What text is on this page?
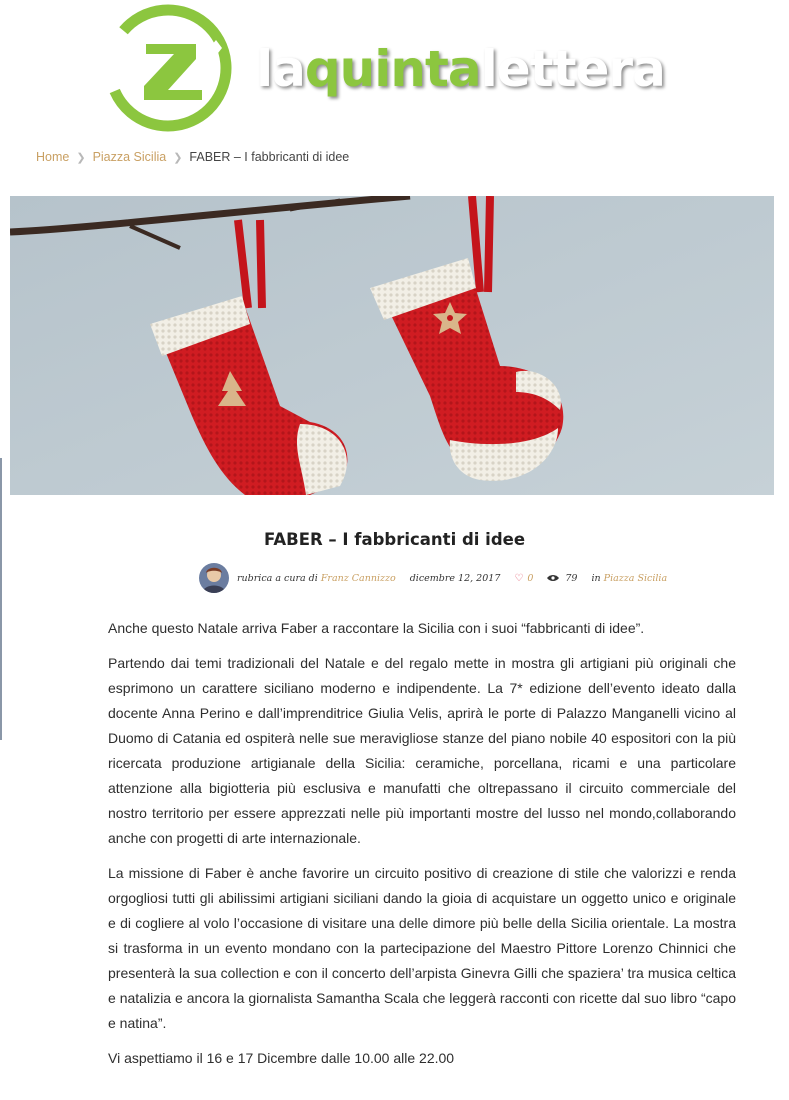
laquintalettera
Home ❯ Piazza Sicilia ❯ FABER – I fabbricanti di idee
FABER – I fabbricanti di idee
rubrica a cura di
Franz Cannizzo dicembre 12, 2017 ♡ 0	79 in
Piazza Sicilia

Anche questo Natale arriva Faber a raccontare la Sicilia con i suoi “fabbricanti di idee”.

Partendo dai temi tradizionali del Natale e del regalo mette in mostra gli artigiani più originali che esprimono un carattere siciliano moderno e indipendente. La 7* edizione dell’evento ideato dalla docente Anna Perino e dall’imprenditrice Giulia Velis, aprirà le porte di Palazzo Manganelli vicino al Duomo di Catania ed ospiterà nelle sue meravigliose stanze del piano nobile 40 espositori con la più ricercata produzione artigianale della Sicilia: ceramiche, porcellana, ricami e una particolare attenzione alla bigiotteria più esclusiva e manufatti che oltrepassano il circuito commerciale del nostro territorio per essere apprezzati nelle più importanti mostre del lusso nel mondo,collaborando anche con progetti di arte internazionale.

La missione di Faber è anche favorire un circuito positivo di creazione di stile che valorizzi e renda orgogliosi tutti gli abilissimi artigiani siciliani dando la gioia di acquistare un oggetto unico e originale e di cogliere al volo l’occasione di visitare una delle dimore più belle della Sicilia orientale. La mostra si trasforma in un evento mondano con la partecipazione del Maestro Pittore Lorenzo Chinnici che presenterà la sua collection e con il concerto dell’arpista Ginevra Gilli che spaziera’ tra musica celtica e natalizia e ancora la giornalista Samantha Scala che leggerà racconti con ricette dal suo libro “capo e natina”.

Vi aspettiamo il 16 e 17 Dicembre dalle 10.00 alle 22.00
